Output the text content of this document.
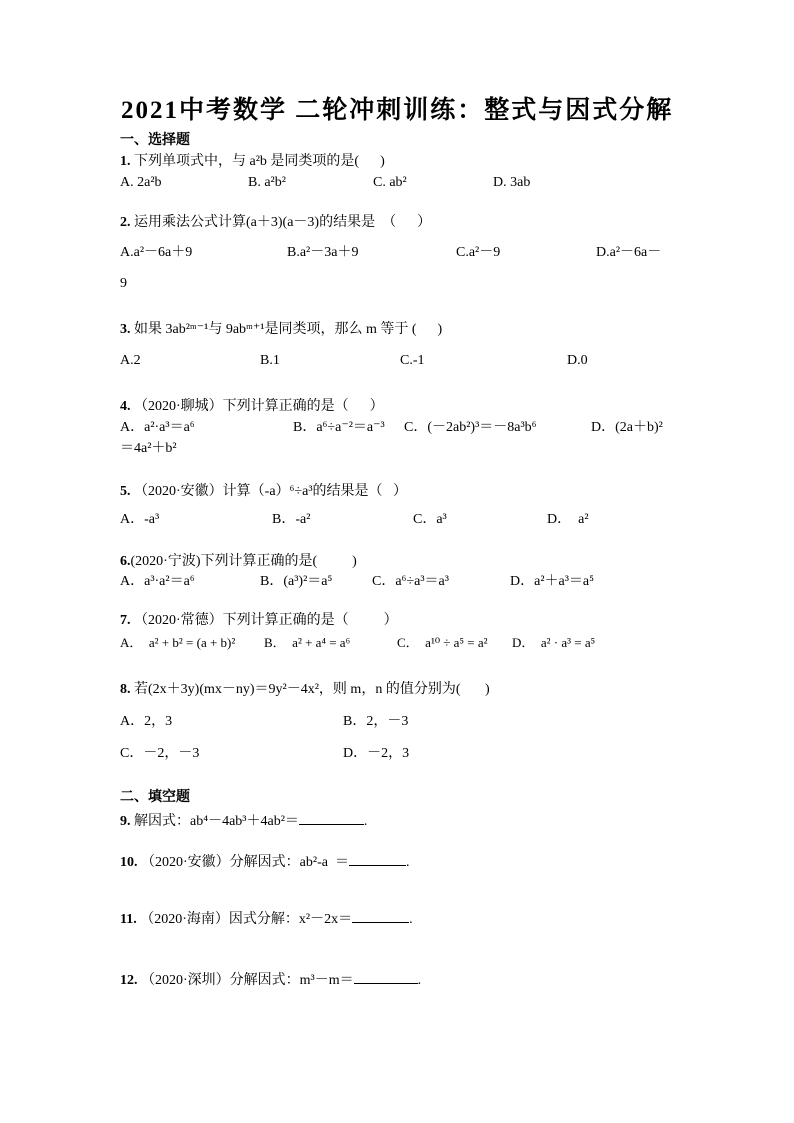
2021中考数学 二轮冲刺训练：整式与因式分解
一、选择题
1. 下列单项式中，与 a²b 是同类项的是(      )

A. 2a²b

	B. a²b²

	C. ab²

	D. 3ab

2. 运用乘法公式计算(a＋3)(a－3)的结果是  （      ）

A.a²－6a＋9

	B.a²－3a＋9

	C.a²－9

	D.a²－6a－

9
3. 如果 3ab²ᵐ⁻¹与 9abᵐ⁺¹是同类项，那么 m 等于 (      )

A.2

	B.1

	C.-1

	D.0

4. （2020·聊城）下列计算正确的是（      ）

A．a²·a³＝a⁶

	B．a⁶÷a⁻²＝a⁻³

C．(－2ab²)³＝－8a³b⁶

	D．(2a＋b)²

＝4a²＋b²
5. （2020·安徽）计算（-a）⁶÷a³的结果是（   ）

A．-a³

	B．-a²

	C．a³

	D．  a²

6.(2020·宁波)下列计算正确的是(          )

A．a³·a²＝a⁶

	B．(a³)²＝a⁵

	C．a⁶÷a³＝a³

	D．a²＋a³＝a⁵

7. （2020·常德）下列计算正确的是（          ）

A．  a² + b² = (a + b)²

B．  a² + a⁴ = a⁶

	C．  a¹⁰ ÷ a⁵ = a²

D．  a² · a³ = a⁵

8. 若(2x＋3y)(mx－ny)＝9y²－4x²，则 m，n 的值分别为(       )

A．2，3

	B．2，－3

C．－2，－3

	D．－2，3

二、填空题
9. 解因式：ab⁴－4ab³＋4ab²＝	.
10. （2020·安徽）分解因式：ab²-a  ＝	.
11. （2020·海南）因式分解：x²－2x＝	.
12. （2020·深圳）分解因式：m³－m＝	.
